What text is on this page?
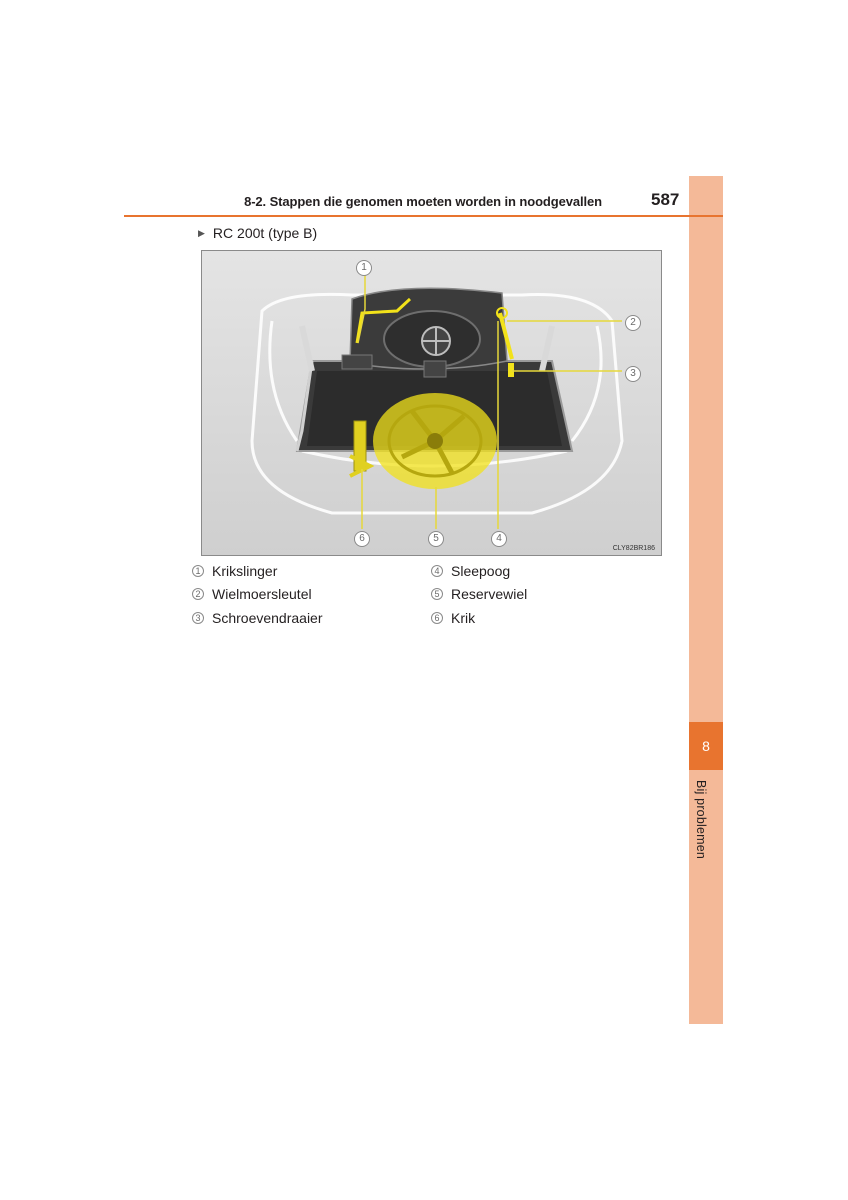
8
Bij problemen
8-2. Stappen die genomen moeten worden in noodgevallen	587
▶ RC 200t (type B)
CLY82BR186
1
2
3
4
5
6
1 Krikslinger
2 Wielmoersleutel
3 Schroevendraaier
4 Sleepoog
5 Reservewiel
6 Krik
